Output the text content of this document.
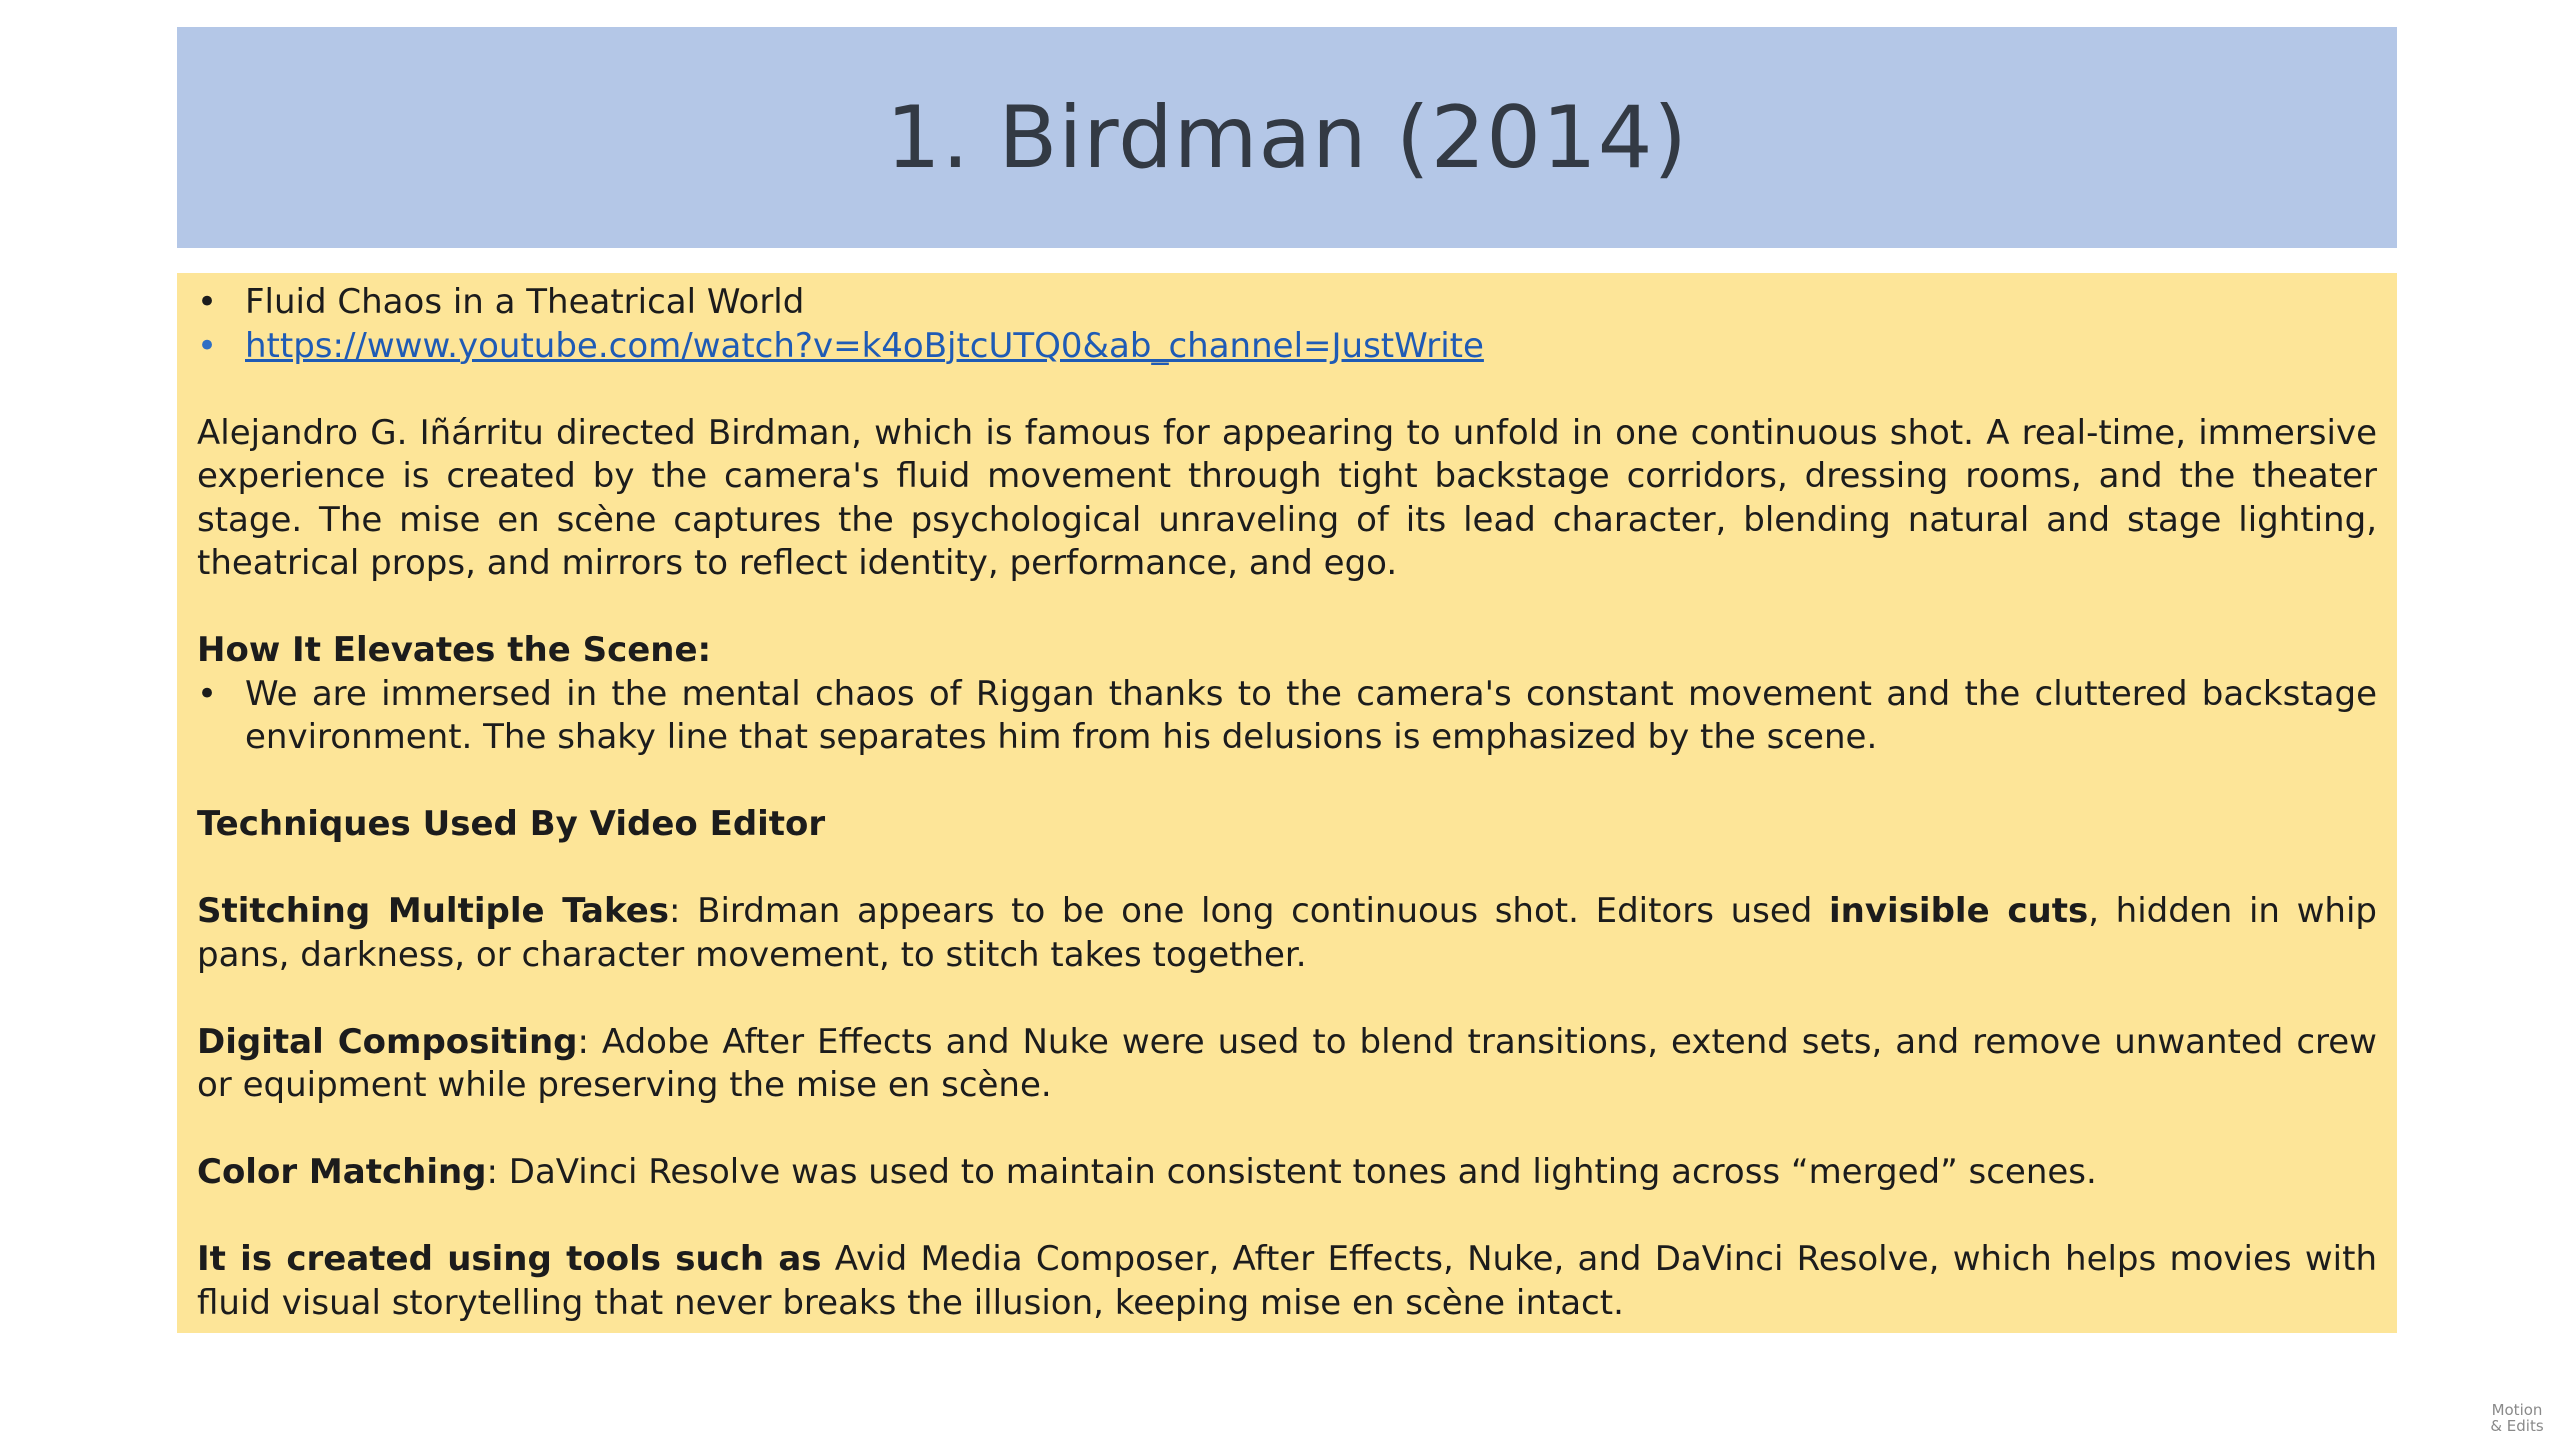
1. Birdman (2014)
• Fluid Chaos in a Theatrical World
• https://www.youtube.com/watch?v=k4oBjtcUTQ0&ab_channel=JustWrite

Alejandro G. Iñárritu directed Birdman, which is famous for appearing to unfold in one continuous shot. A real-time, immersive experience is created by the camera's fluid movement through tight backstage corridors, dressing rooms, and the theater stage. The mise en scène captures the psychological unraveling of its lead character, blending natural and stage lighting, theatrical props, and mirrors to reflect identity, performance, and ego.

How It Elevates the Scene:

• We are immersed in the mental chaos of Riggan thanks to the camera's constant movement and the cluttered backstage environment. The shaky line that separates him from his delusions is emphasized by the scene.

Techniques Used By Video Editor

Stitching Multiple Takes: Birdman appears to be one long continuous shot. Editors used invisible cuts, hidden in whip pans, darkness, or character movement, to stitch takes together.

Digital Compositing: Adobe After Effects and Nuke were used to blend transitions, extend sets, and remove unwanted crew or equipment while preserving the mise en scène.

Color Matching: DaVinci Resolve was used to maintain consistent tones and lighting across “merged” scenes.

It is created using tools such as Avid Media Composer, After Effects, Nuke, and DaVinci Resolve, which helps movies with fluid visual storytelling that never breaks the illusion, keeping mise en scène intact.

Motion
& Edits
